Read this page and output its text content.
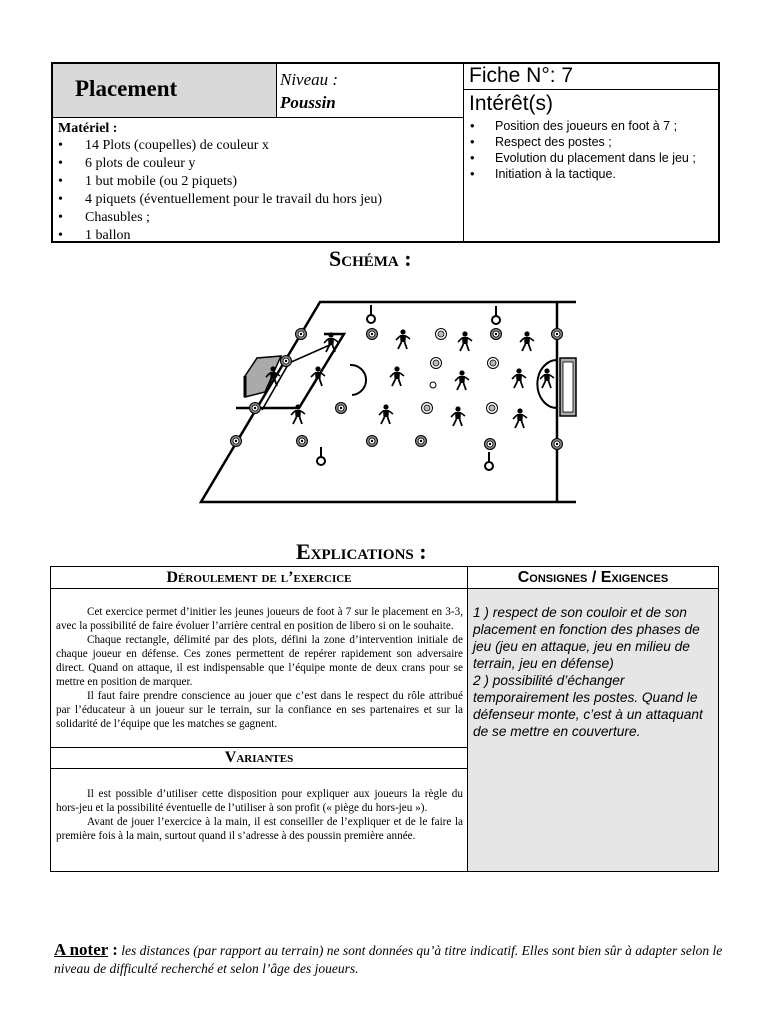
Placement	Niveau :
Poussin
Fiche N°: 7
Intérêt(s)
• Position des joueurs en foot à 7 ;
• Respect des postes ;
• Evolution du placement dans le jeu ;
• Initiation à la tactique.
Matériel :
• 14 Plots (coupelles) de couleur x
• 6 plots de couleur y
• 1 but mobile (ou 2 piquets)
• 4 piquets (éventuellement pour le travail du hors jeu)
• Chasubles ;
• 1 ballon
Schéma :
Explications :
Déroulement de l’exercice

Cet exercice permet d’initier les jeunes joueurs de foot à 7 sur le placement en 3-3, avec la possibilité de faire évoluer l’arrière central en position de libero si on le souhaite.

Chaque rectangle, délimité par des plots, défini la zone d’intervention initiale de chaque joueur en défense. Ces zones permettent de repérer rapidement son adversaire direct. Quand on attaque, il est indispensable que l’équipe monte de deux crans pour se mettre en position de marquer.

Il faut faire prendre conscience au jouer que c’est dans le respect du rôle attribué par l’éducateur à un joueur sur le terrain, sur la confiance en ses partenaires et sur la solidarité de l’équipe que les matches se gagnent.

Variantes

Il est possible d’utiliser cette disposition pour expliquer aux joueurs la règle du hors-jeu et la possibilité éventuelle de l’utiliser à son profit (« piège du hors-jeu »).

Avant de jouer l’exercice à la main, il est conseiller de l’expliquer et de le faire la première fois à la main, surtout quand il s’adresse à des poussin première année.

Consignes / Exigences

1 ) respect de son couloir et de son placement en fonction des phases de jeu (jeu en attaque, jeu en milieu de terrain, jeu en défense)

2 ) possibilité d’échanger temporairement les postes. Quand le défenseur monte, c’est à un attaquant de se mettre en couverture.

A noter : les distances (par rapport au terrain) ne sont données qu’à titre indicatif. Elles sont bien sûr à adapter selon le niveau de difficulté recherché et selon l’âge des joueurs.
